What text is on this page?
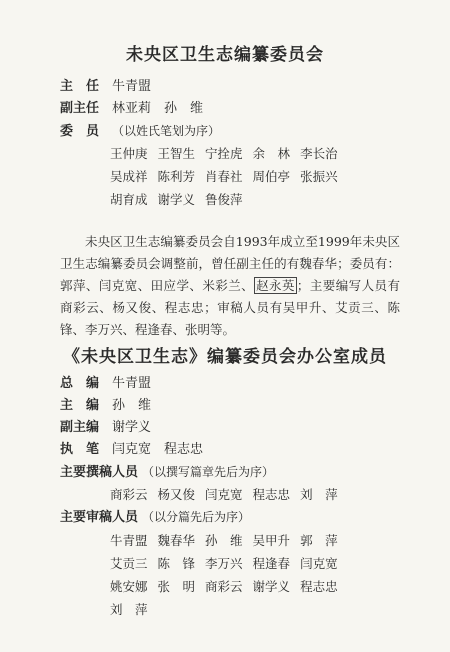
未央区卫生志编纂委员会
主　任 牛青盟
副主任 林亚莉　孙　维
委　员 （以姓氏笔划为序）
王仲庚 王智生 宁拴虎 余　林 李长治
吴成祥 陈利芳 肖春社 周伯亭 张振兴
胡育成 谢学义 鲁俊萍
未央区卫生志编纂委员会自1993年成立至1999年未央区卫生志编纂委员会调整前，曾任副主任的有魏春华；委员有：郭萍、闫克宽、田应学、米彩兰、 赵永英 ；主要编写人员有商彩云、杨又俊、程志忠；审稿人员有吴甲升、艾贡三、陈锋、李万兴、程逢春、张明等。
《未央区卫生志》编纂委员会办公室成员
总　编 牛青盟
主　编 孙　维
副主编 谢学义
执　笔 闫克宽　程志忠
主要撰稿人员 （以撰写篇章先后为序）
商彩云 杨又俊 闫克宽 程志忠 刘　萍
主要审稿人员 （以分篇先后为序）
牛青盟 魏春华 孙　维 吴甲升 郭　萍
艾贡三 陈　锋 李万兴 程逢春 闫克宽
姚安娜 张　明 商彩云 谢学义 程志忠
刘　萍
